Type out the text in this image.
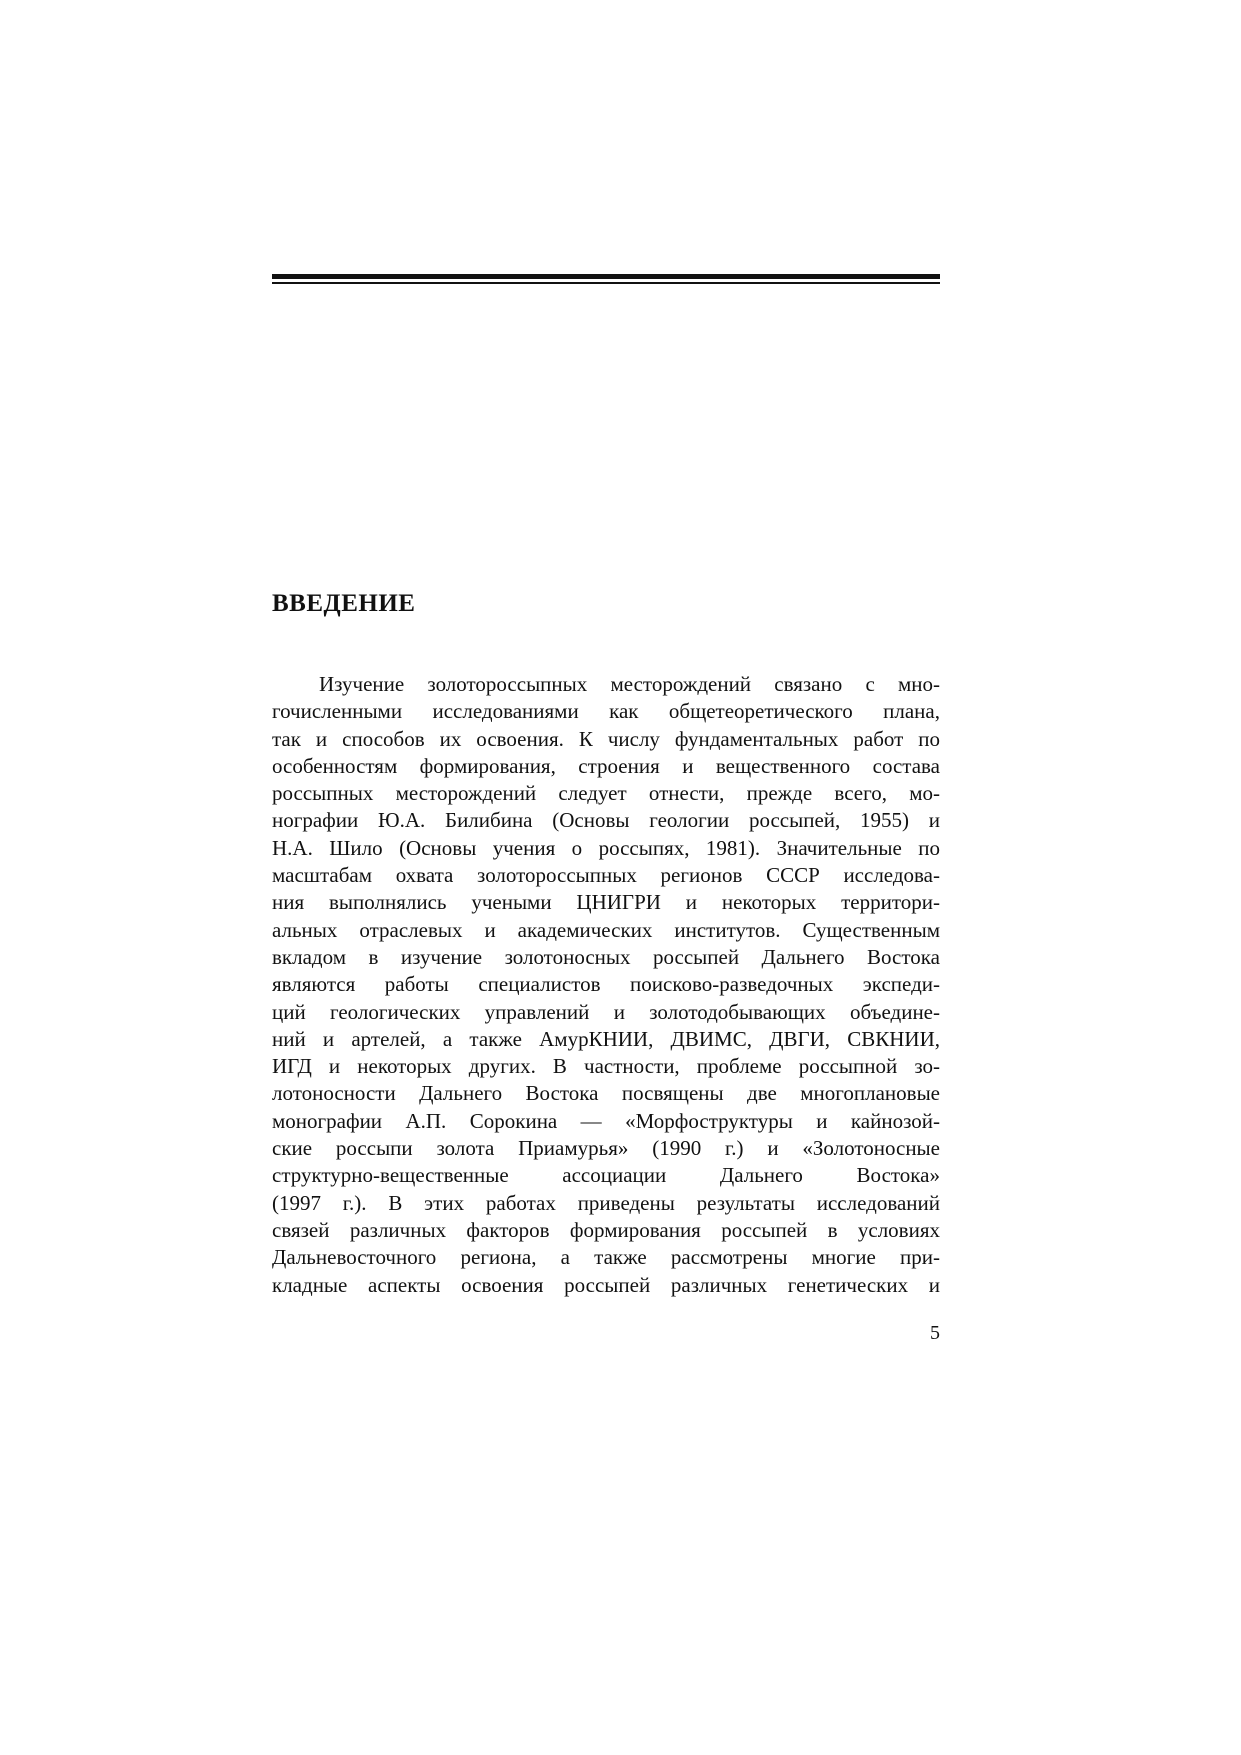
ВВЕДЕНИЕ
Изучение золотороссыпных месторождений связано с мно-
гочисленными исследованиями как общетеоретического плана,
так и способов их освоения. К числу фундаментальных работ по
особенностям формирования, строения и вещественного состава
россыпных месторождений следует отнести, прежде всего, мо-
нографии Ю.А. Билибина (Основы геологии россыпей, 1955) и
Н.А. Шило (Основы учения о россыпях, 1981). Значительные по
масштабам охвата золотороссыпных регионов СССР исследова-
ния выполнялись учеными ЦНИГРИ и некоторых территори-
альных отраслевых и академических институтов. Существенным
вкладом в изучение золотоносных россыпей Дальнего Востока
являются работы специалистов поисково-разведочных экспеди-
ций геологических управлений и золотодобывающих объедине-
ний и артелей, а также АмурКНИИ, ДВИМС, ДВГИ, СВКНИИ,
ИГД и некоторых других. В частности, проблеме россыпной зо-
лотоносности Дальнего Востока посвящены две многоплановые
монографии А.П. Сорокина — «Морфоструктуры и кайнозой-
ские россыпи золота Приамурья» (1990 г.) и «Золотоносные
структурно-вещественные ассоциации Дальнего Востока»
(1997 г.). В этих работах приведены результаты исследований
связей различных факторов формирования россыпей в условиях
Дальневосточного региона, а также рассмотрены многие при-
кладные аспекты освоения россыпей различных генетических и
5
